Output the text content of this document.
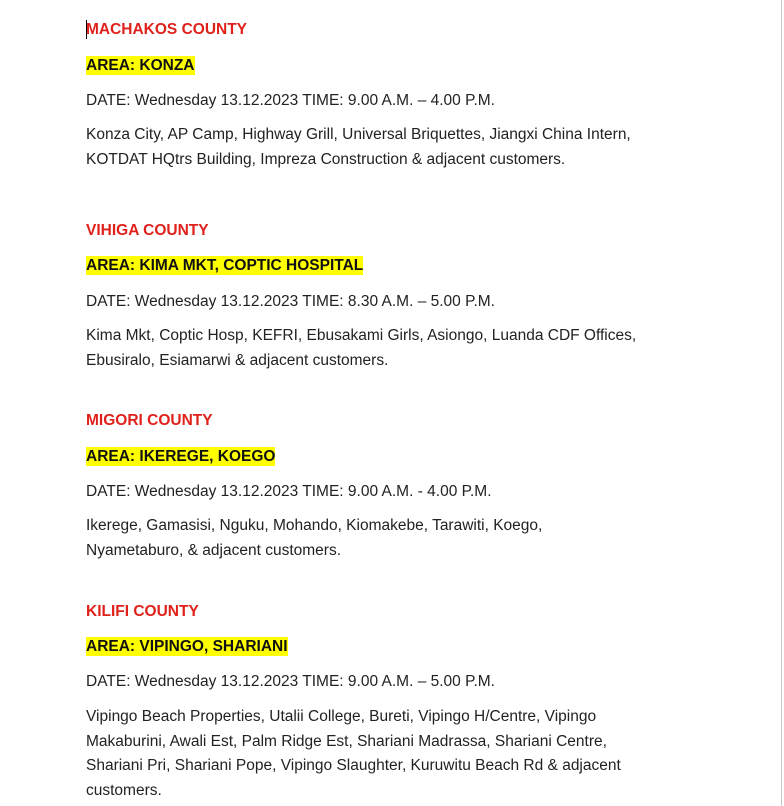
MACHAKOS COUNTY
AREA: KONZA
DATE: Wednesday 13.12.2023 TIME: 9.00 A.M. – 4.00 P.M.
Konza City, AP Camp, Highway Grill, Universal Briquettes, Jiangxi China Intern,
KOTDAT HQtrs Building, Impreza Construction & adjacent customers.
VIHIGA COUNTY
AREA: KIMA MKT, COPTIC HOSPITAL
DATE: Wednesday 13.12.2023 TIME: 8.30 A.M. – 5.00 P.M.
Kima Mkt, Coptic Hosp, KEFRI, Ebusakami Girls, Asiongo, Luanda CDF Offices,
Ebusiralo, Esiamarwi & adjacent customers.
MIGORI COUNTY
AREA: IKEREGE, KOEGO
DATE: Wednesday 13.12.2023 TIME: 9.00 A.M. - 4.00 P.M.
Ikerege, Gamasisi, Nguku, Mohando, Kiomakebe, Tarawiti, Koego,
Nyametaburo, & adjacent customers.
KILIFI COUNTY
AREA: VIPINGO, SHARIANI
DATE: Wednesday 13.12.2023 TIME: 9.00 A.M. – 5.00 P.M.
Vipingo Beach Properties, Utalii College, Bureti, Vipingo H/Centre, Vipingo
Makaburini, Awali Est, Palm Ridge Est, Shariani Madrassa, Shariani Centre,
Shariani Pri, Shariani Pope, Vipingo Slaughter, Kuruwitu Beach Rd & adjacent
customers.
